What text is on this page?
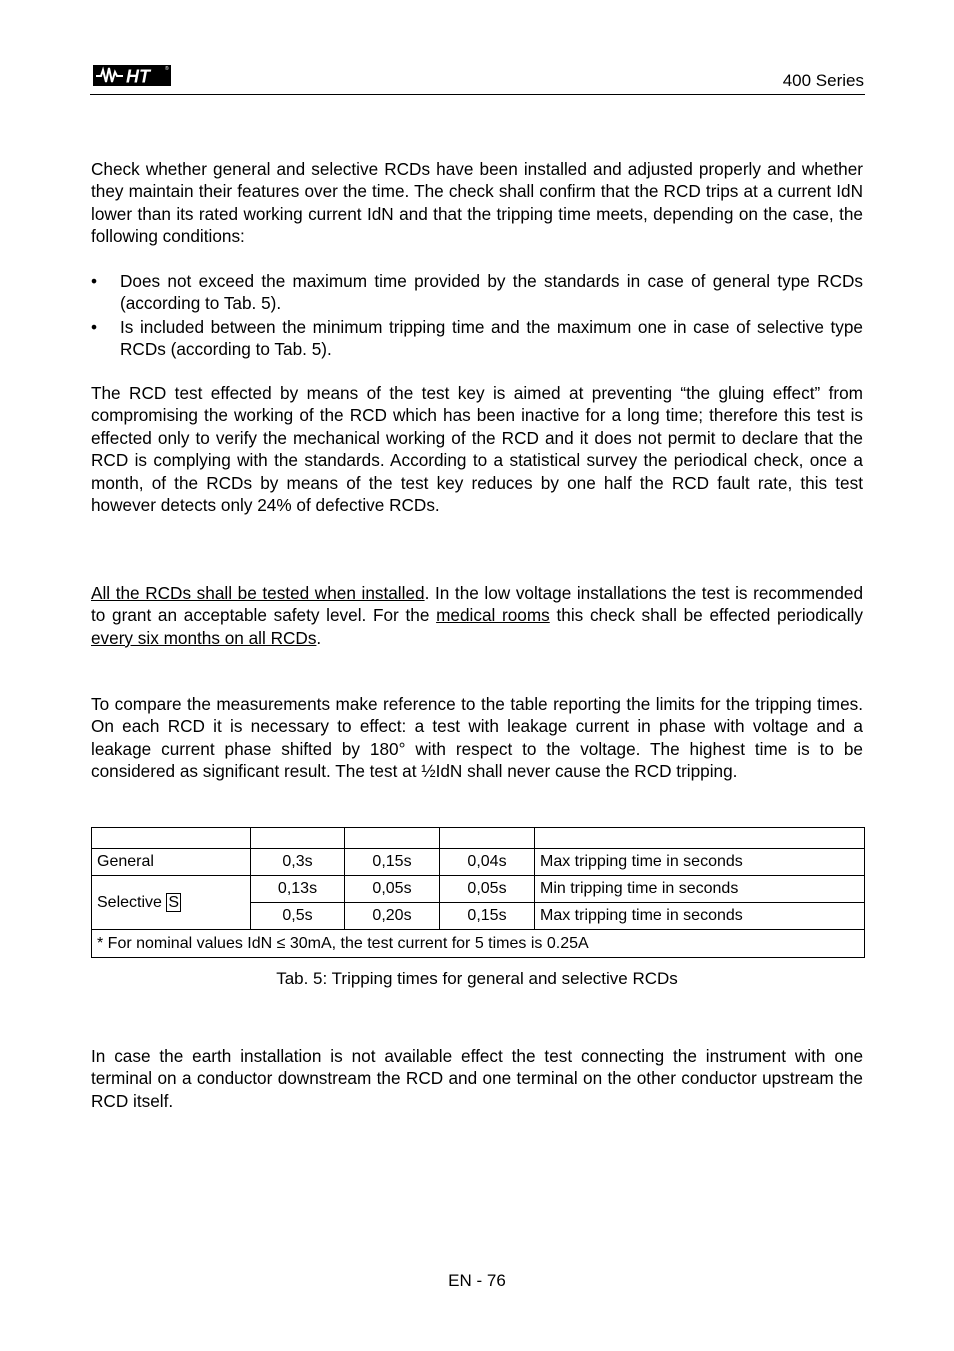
HT	®
400 Series

Check whether general and selective RCDs have been installed and adjusted properly and whether they maintain their features over the time. The check shall confirm that the RCD trips at a current IdN lower than its rated working current IdN and that the tripping time meets, depending on the case, the following conditions:

• Does not exceed the maximum time provided by the standards in case of general type RCDs (according to Tab. 5).
• Is included between the minimum tripping time and the maximum one in case of selective type RCDs (according to Tab. 5).

The RCD test effected by means of the test key is aimed at preventing “the gluing effect” from compromising the working of the RCD which has been inactive for a long time; therefore this test is effected only to verify the mechanical working of the RCD and it does not permit to declare that the RCD is complying with the standards. According to a statistical survey the periodical check, once a month, of the RCDs by means of the test key reduces by one half the RCD fault rate, this test however detects only 24% of defective RCDs.

All the RCDs shall be tested when installed. In the low voltage installations the test is recommended to grant an acceptable safety level. For the medical rooms this check shall be effected periodically every six months on all RCDs.

To compare the measurements make reference to the table reporting the limits for the tripping times. On each RCD it is necessary to effect: a test with leakage current in phase with voltage and a leakage current phase shifted by 180° with respect to the voltage. The highest time is to be considered as significant result. The test at ½IdN shall never cause the RCD tripping.

General	0,3s	0,15s	0,04s	Max tripping time in seconds
Selective S	0,13s	0,05s	0,05s	Min tripping time in seconds
	0,5s	0,20s	0,15s	Max tripping time in seconds
* For nominal values IdN ≤ 30mA, the test current for 5 times is 0.25A				
Tab. 5: Tripping times for general and selective RCDs

In case the earth installation is not available effect the test connecting the instrument with one terminal on a conductor downstream the RCD and one terminal on the other conductor upstream the RCD itself.

EN - 76
